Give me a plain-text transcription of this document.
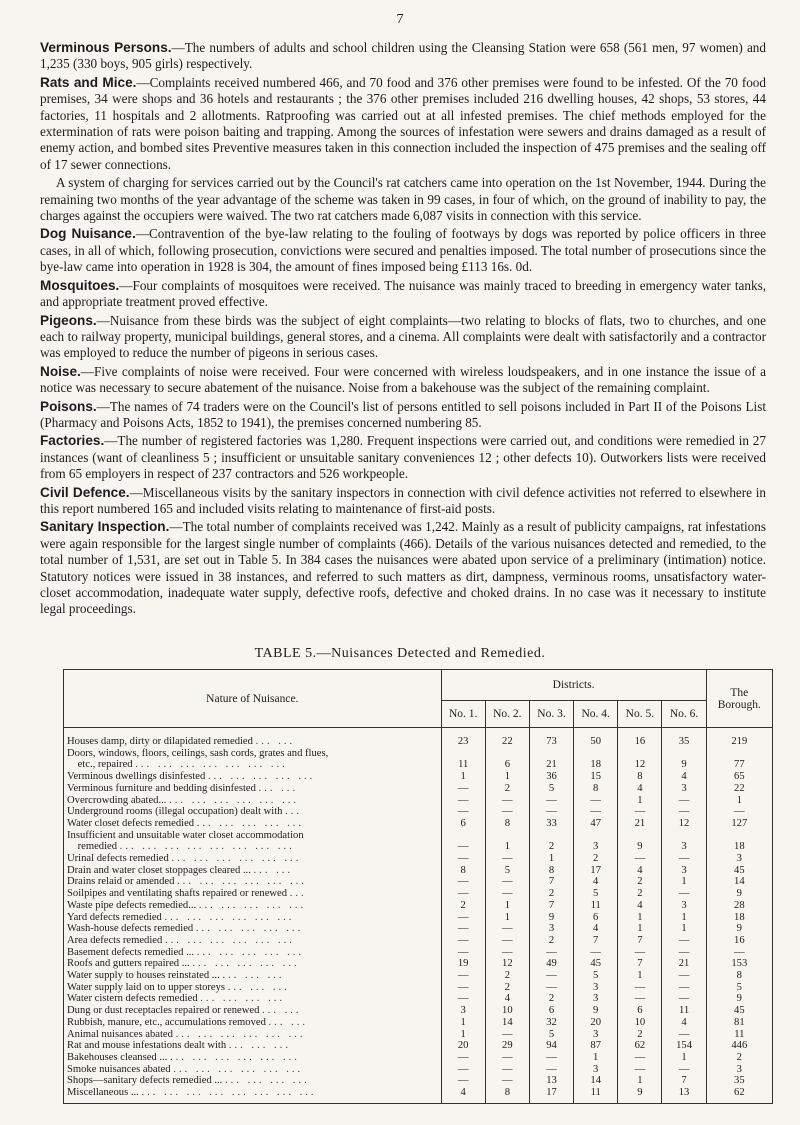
7

Verminous Persons.—The numbers of adults and school children using the Cleansing Station were 658 (561 men, 97 women) and 1,235 (330 boys, 905 girls) respectively.

Rats and Mice.—Complaints received numbered 466, and 70 food and 376 other premises were found to be infested. Of the 70 food premises, 34 were shops and 36 hotels and restaurants ; the 376 other premises included 216 dwelling houses, 42 shops, 53 stores, 44 factories, 11 hospitals and 2 allotments. Ratproofing was carried out at all infested premises. The chief methods employed for the extermination of rats were poison baiting and trapping. Among the sources of infestation were sewers and drains damaged as a result of enemy action, and bombed sites Preventive measures taken in this connection included the inspection of 475 premises and the sealing off of 17 sewer connections.

A system of charging for services carried out by the Council's rat catchers came into operation on the 1st November, 1944. During the remaining two months of the year advantage of the scheme was taken in 99 cases, in four of which, on the ground of inability to pay, the charges against the occupiers were waived. The two rat catchers made 6,087 visits in connection with this service.

Dog Nuisance.—Contravention of the bye-law relating to the fouling of footways by dogs was reported by police officers in three cases, in all of which, following prosecution, convictions were secured and penalties imposed. The total number of prosecutions since the bye-law came into operation in 1928 is 304, the amount of fines imposed being £113 16s. 0d.

Mosquitoes.—Four complaints of mosquitoes were received. The nuisance was mainly traced to breeding in emergency water tanks, and appropriate treatment proved effective.

Pigeons.—Nuisance from these birds was the subject of eight complaints—two relating to blocks of flats, two to churches, and one each to railway property, municipal buildings, general stores, and a cinema. All complaints were dealt with satisfactorily and a contractor was employed to reduce the number of pigeons in serious cases.

Noise.—Five complaints of noise were received. Four were concerned with wireless loudspeakers, and in one instance the issue of a notice was necessary to secure abatement of the nuisance. Noise from a bakehouse was the subject of the remaining complaint.

Poisons.—The names of 74 traders were on the Council's list of persons entitled to sell poisons included in Part II of the Poisons List (Pharmacy and Poisons Acts, 1852 to 1941), the premises concerned numbering 85.

Factories.—The number of registered factories was 1,280. Frequent inspections were carried out, and conditions were remedied in 27 instances (want of cleanliness 5 ; insufficient or unsuitable sanitary conveniences 12 ; other defects 10). Outworkers lists were received from 65 employers in respect of 237 contractors and 526 workpeople.

Civil Defence.—Miscellaneous visits by the sanitary inspectors in connection with civil defence activities not referred to elsewhere in this report numbered 165 and included visits relating to maintenance of first-aid posts.

Sanitary Inspection.—The total number of complaints received was 1,242. Mainly as a result of publicity campaigns, rat infestations were again responsible for the largest single number of complaints (466). Details of the various nuisances detected and remedied, to the total number of 1,531, are set out in Table 5. In 384 cases the nuisances were abated upon service of a preliminary (intimation) notice. Statutory notices were issued in 38 instances, and referred to such matters as dirt, dampness, verminous rooms, unsatisfactory water-closet accommodation, inadequate water supply, defective roofs, defective and choked drains. In no case was it necessary to institute legal proceedings.

TABLE 5.—Nuisances Detected and Remedied.
Nature of Nuisance.	Districts.						The Borough.
	No. 1.	No. 2.	No. 3.	No. 4.	No. 5.	No. 6.	
Houses damp, dirty or dilapidated remedied ... ...	23	22	73	50	16	35	219
Doors, windows, floors, ceilings, sash cords, grates and flues,							
etc., repaired ... ... ... ... ... ... ...	11	6	21	18	12	9	77
Verminous dwellings disinfested ... ... ... ... ...	1	1	36	15	8	4	65
Verminous furniture and bedding disinfested ... ...	—	2	5	8	4	3	22
Overcrowding abated... ... ... ... ... ... ...	—	—	—	—	1	—	1
Underground rooms (illegal occupation) dealt with ...	—	—	—	—	—	—	—
Water closet defects remedied ... ... ... ... ...	6	8	33	47	21	12	127
Insufficient and unsuitable water closet accommodation							
remedied ... ... ... ... ... ... ... ...	—	1	2	3	9	3	18
Urinal defects remedied ... ... ... ... ... ...	—	—	1	2	—	—	3
Drain and water closet stoppages cleared ... ... ...	8	5	8	17	4	3	45
Drains relaid or amended ... ... ... ... ... ...	—	—	7	4	2	1	14
Soilpipes and ventilating shafts repaired or renewed ...	—	—	2	5	2	—	9
Waste pipe defects remedied... ... ... ... ... ...	2	1	7	11	4	3	28
Yard defects remedied ... ... ... ... ... ...	—	1	9	6	1	1	18
Wash-house defects remedied ... ... ... ... ...	—	—	3	4	1	1	9
Area defects remedied ... ... ... ... ... ...	—	—	2	7	7	—	16
Basement defects remedied ... ... ... ... ... ...	—	—	—	—	—	—	—
Roofs and gutters repaired ... ... ... ... ... ...	19	12	49	45	7	21	153
Water supply to houses reinstated ... ... ... ...	—	2	—	5	1	—	8
Water supply laid on to upper storeys ... ... ...	—	2	—	3	—	—	5
Water cistern defects remedied ... ... ... ...	—	4	2	3	—	—	9
Dung or dust receptacles repaired or renewed ... ...	3	10	6	9	6	11	45
Rubbish, manure, etc., accumulations removed ... ...	1	14	32	20	10	4	81
Animal nuisances abated ... ... ... ... ... ...	1	—	5	3	2	—	11
Rat and mouse infestations dealt with ... ... ...	20	29	94	87	62	154	446
Bakehouses cleansed ... ... ... ... ... ... ...	—	—	—	1	—	1	2
Smoke nuisances abated ... ... ... ... ... ...	—	—	—	3	—	—	3
Shops—sanitary defects remedied ... ... ... ... ...	—	—	13	14	1	7	35
Miscellaneous ... ... ... ... ... ... ... ... ...	4	8	17	11	9	13	62
